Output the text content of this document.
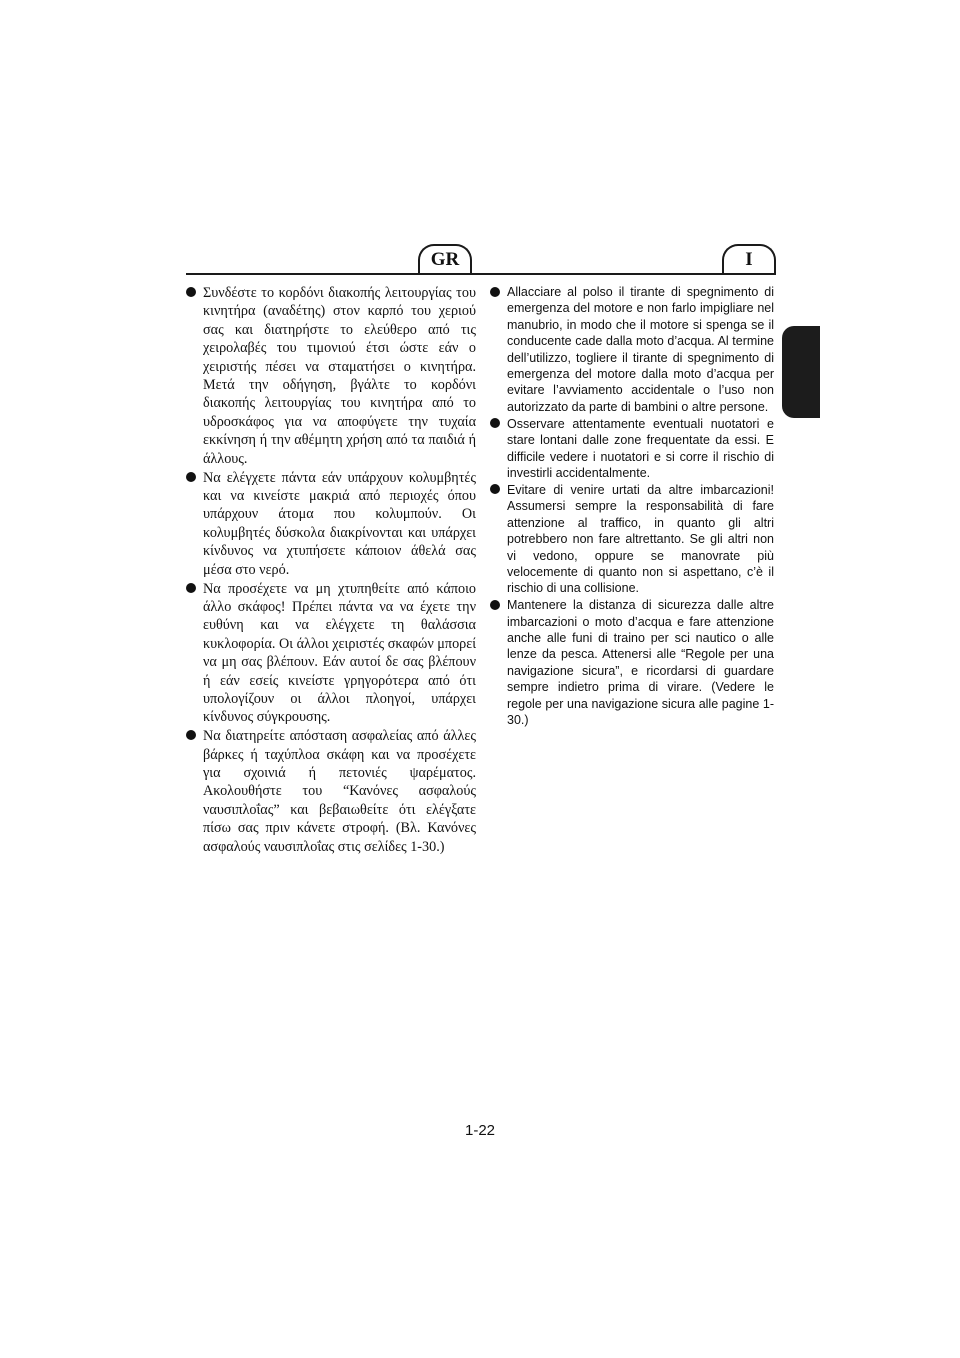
GR	I
Συνδέστε το κορδόνι διακοπής λειτουργίας του κινητήρα (αναδέτης) στον καρπό του χεριού σας και διατηρήστε το ελεύθερο από τις χειρολαβές του τιμονιού έτσι ώστε εάν ο χειριστής πέσει να σταματήσει ο κινητήρα. Μετά την οδήγηση, βγάλτε το κορδόνι διακοπής λειτουργίας του κινητήρα από το υδροσκάφος για να αποφύγετε την τυχαία εκκίνηση ή την αθέμητη χρήση από τα παιδιά ή άλλους.
Να ελέγχετε πάντα εάν υπάρχουν κολυμβητές και να κινείστε μακριά από περιοχές όπου υπάρχουν άτομα που κολυμπούν. Οι κολυμβητές δύσκολα διακρίνονται και υπάρχει κίνδυνος να χτυπήσετε κάποιον άθελά σας μέσα στο νερό.
Να προσέχετε να μη χτυπηθείτε από κάποιο άλλο σκάφος! Πρέπει πάντα να να έχετε την ευθύνη και να ελέγχετε τη θαλάσσια κυκλοφορία. Οι άλλοι χειριστές σκαφών μπορεί να μη σας βλέπουν. Εάν αυτοί δε σας βλέπουν ή εάν εσείς κινείστε γρηγορότερα από ότι υπολογίζουν οι άλλοι πλοηγοί, υπάρχει κίνδυνος σύγκρουσης.
Να διατηρείτε απόσταση ασφαλείας από άλλες βάρκες ή ταχύπλοα σκάφη και να προσέχετε για σχοινιά ή πετονιές ψαρέματος. Ακολουθήστε του “Κανόνες ασφαλούς ναυσιπλοΐας” και βεβαιωθείτε ότι ελέγξατε πίσω σας πριν κάνετε στροφή. (Βλ. Κανόνες ασφαλούς ναυσιπλοΐας στις σελίδες 1-30.)
Allacciare al polso il tirante di spegnimento di emergenza del motore e non farlo impigliare nel manubrio, in modo che il motore si spenga se il conducente cade dalla moto d’acqua. Al termine dell’utilizzo, togliere il tirante di spegnimento di emergenza del motore dalla moto d’acqua per evitare l’avviamento accidentale o l’uso non autorizzato da parte di bambini o altre persone.
Osservare attentamente eventuali nuotatori e stare lontani dalle zone frequentate da essi. E difficile vedere i nuotatori e si corre il rischio di investirli accidentalmente.
Evitare di venire urtati da altre imbarcazioni! Assumersi sempre la responsabilità di fare attenzione al traffico, in quanto gli altri potrebbero non fare altrettanto. Se gli altri non vi vedono, oppure se manovrate più velocemente di quanto non si aspettano, c’è il rischio di una collisione.
Mantenere la distanza di sicurezza dalle altre imbarcazioni o moto d’acqua e fare attenzione anche alle funi di traino per sci nautico o alle lenze da pesca. Attenersi alle “Regole per una navigazione sicura”, e ricordarsi di guardare sempre indietro prima di virare. (Vedere le regole per una navigazione sicura alle pagine 1-30.)
1-22
